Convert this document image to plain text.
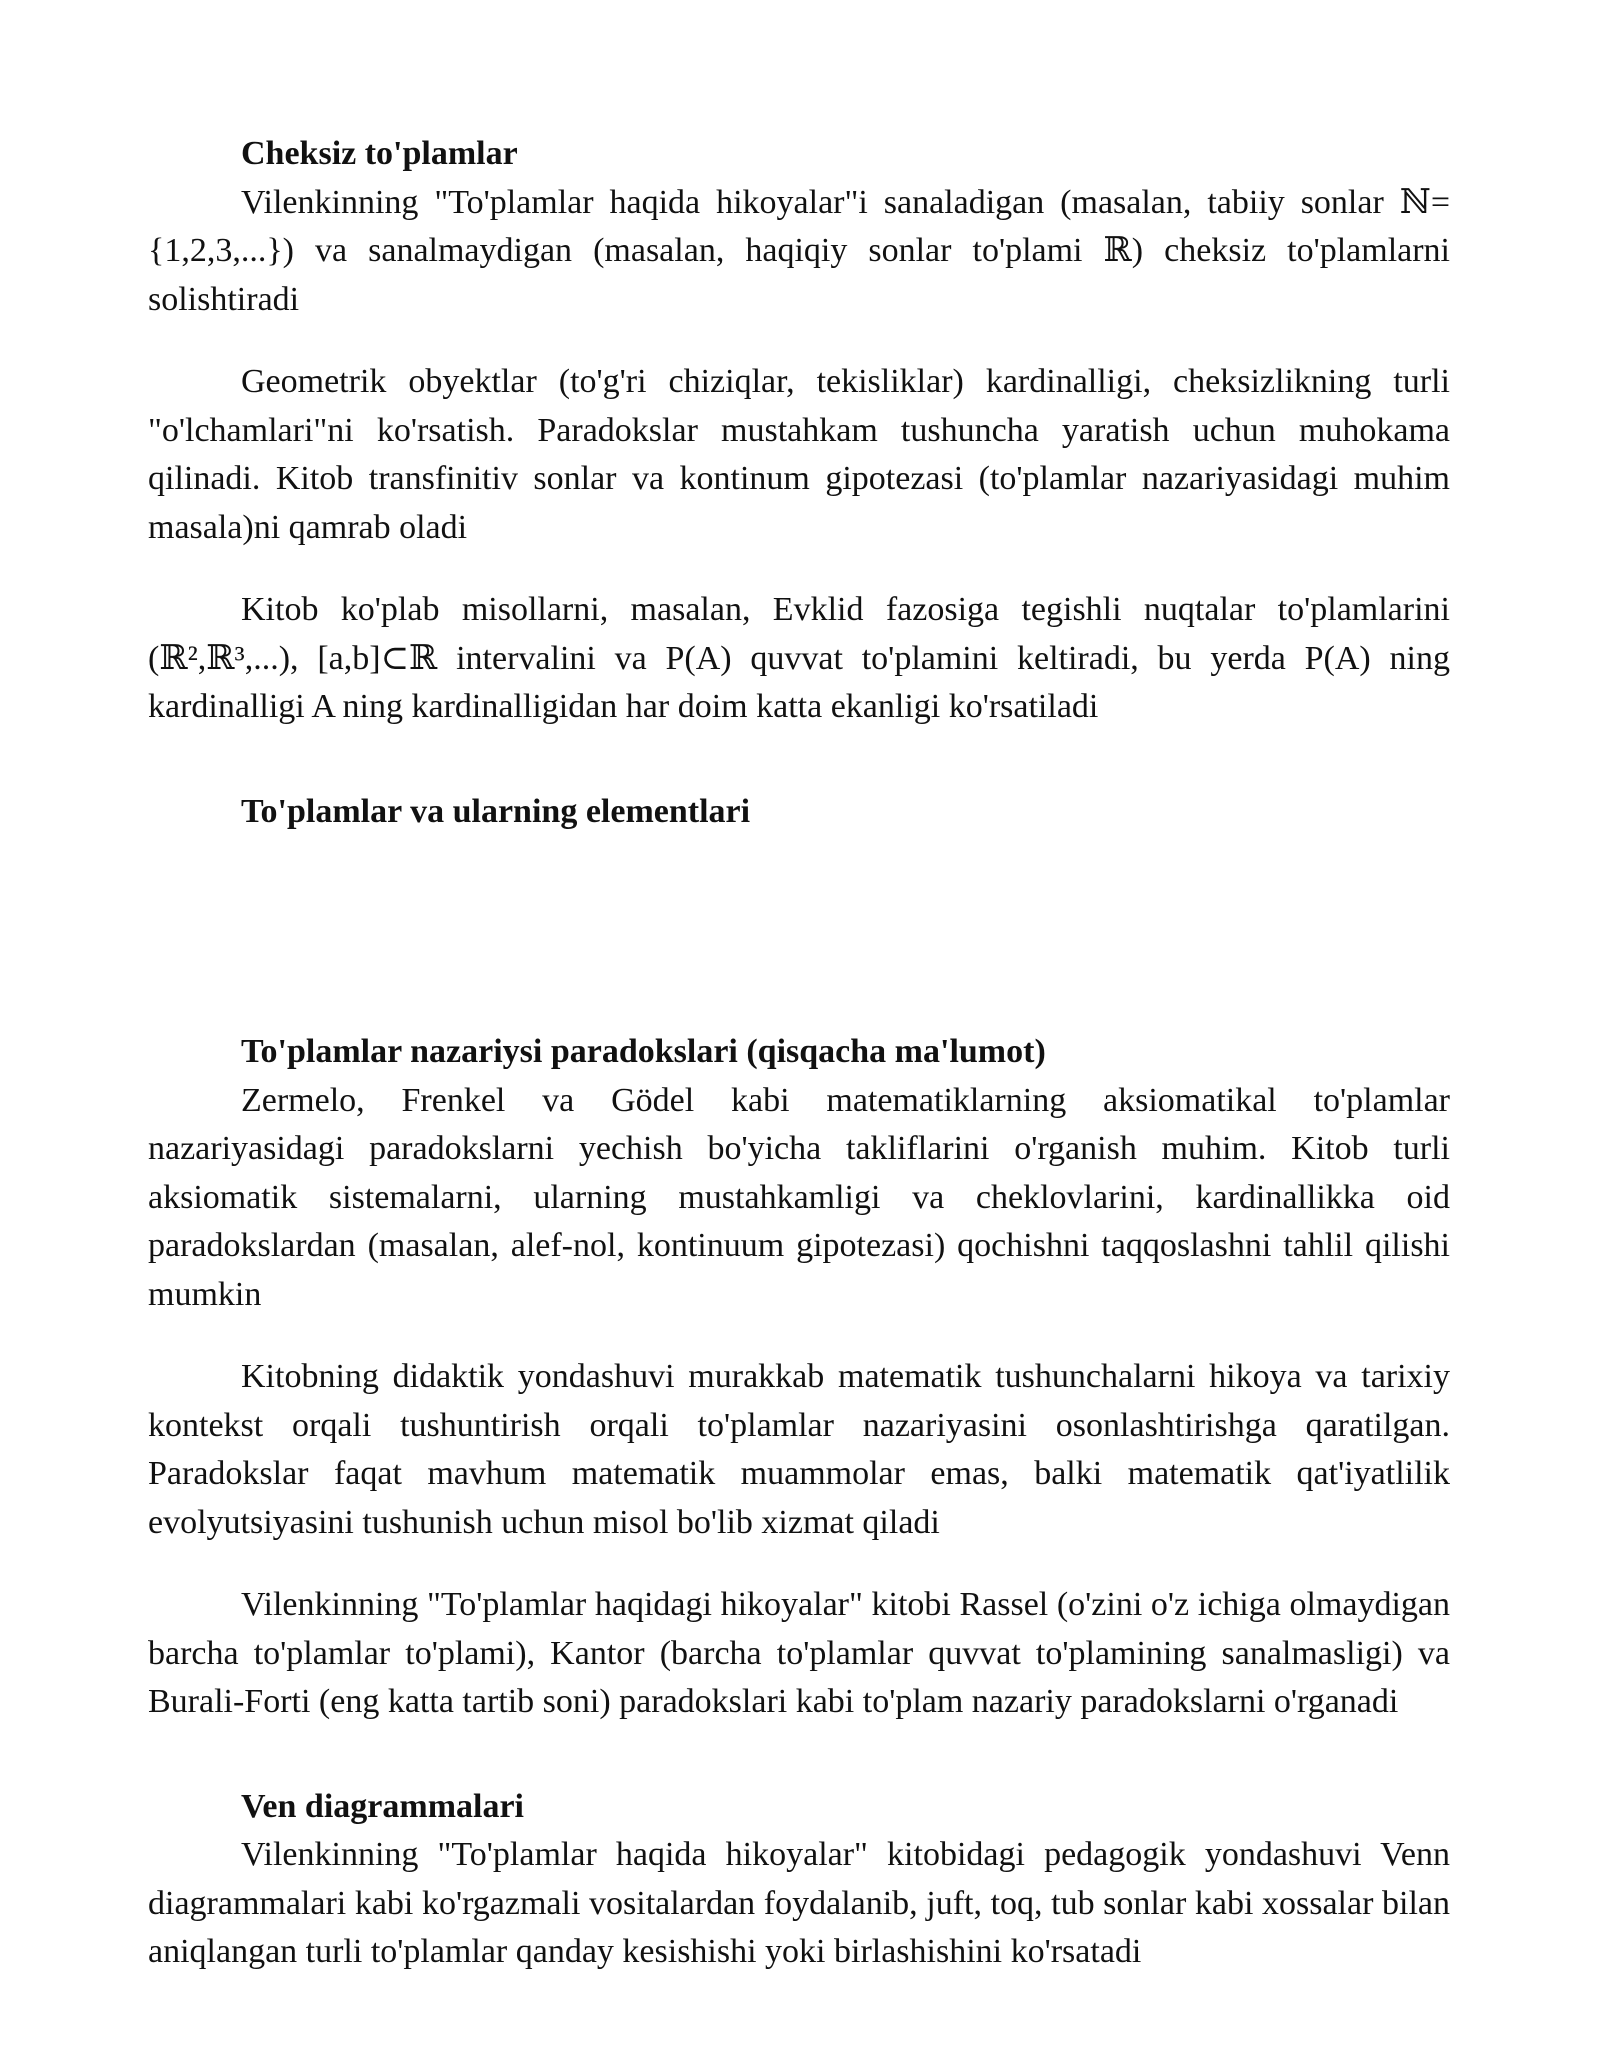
Cheksiz to'plamlar

Vilenkinning "To'plamlar haqida hikoyalar"i sanaladigan (masalan, tabiiy sonlar ℕ={1,2,3,...}) va sanalmaydigan (masalan, haqiqiy sonlar to'plami ℝ) cheksiz to'plamlarni solishtiradi

Geometrik obyektlar (to'g'ri chiziqlar, tekisliklar) kardinalligi, cheksizlikning turli "o'lchamlari"ni ko'rsatish. Paradokslar mustahkam tushuncha yaratish uchun muhokama qilinadi. Kitob transfinitiv sonlar va kontinum gipotezasi (to'plamlar nazariyasidagi muhim masala)ni qamrab oladi

Kitob ko'plab misollarni, masalan, Evklid fazosiga tegishli nuqtalar to'plamlarini (ℝ²,ℝ³,...), [a,b]⊂ℝ intervalini va P(A) quvvat to'plamini keltiradi, bu yerda P(A) ning kardinalligi A ning kardinalligidan har doim katta ekanligi ko'rsatiladi

To'plamlar va ularning elementlari

To'plamlar nazariysi paradokslari (qisqacha ma'lumot)

Zermelo, Frenkel va Gödel kabi matematiklarning aksiomatikal to'plamlar nazariyasidagi paradokslarni yechish bo'yicha takliflarini o'rganish muhim. Kitob turli aksiomatik sistemalarni, ularning mustahkamligi va cheklovlarini, kardinallikka oid paradokslardan (masalan, alef-nol, kontinuum gipotezasi) qochishni taqqoslashni tahlil qilishi mumkin

Kitobning didaktik yondashuvi murakkab matematik tushunchalarni hikoya va tarixiy kontekst orqali tushuntirish orqali to'plamlar nazariyasini osonlashtirishga qaratilgan. Paradokslar faqat mavhum matematik muammolar emas, balki matematik qat'iyatlilik evolyutsiyasini tushunish uchun misol bo'lib xizmat qiladi

Vilenkinning "To'plamlar haqidagi hikoyalar" kitobi Rassel (o'zini o'z ichiga olmaydigan barcha to'plamlar to'plami), Kantor (barcha to'plamlar quvvat to'plamining sanalmasligi) va Burali-Forti (eng katta tartib soni) paradokslari kabi to'plam nazariy paradokslarni o'rganadi

Ven diagrammalari

Vilenkinning "To'plamlar haqida hikoyalar" kitobidagi pedagogik yondashuvi Venn diagrammalari kabi ko'rgazmali vositalardan foydalanib, juft, toq, tub sonlar kabi xossalar bilan aniqlangan turli to'plamlar qanday kesishishi yoki birlashishini ko'rsatadi
